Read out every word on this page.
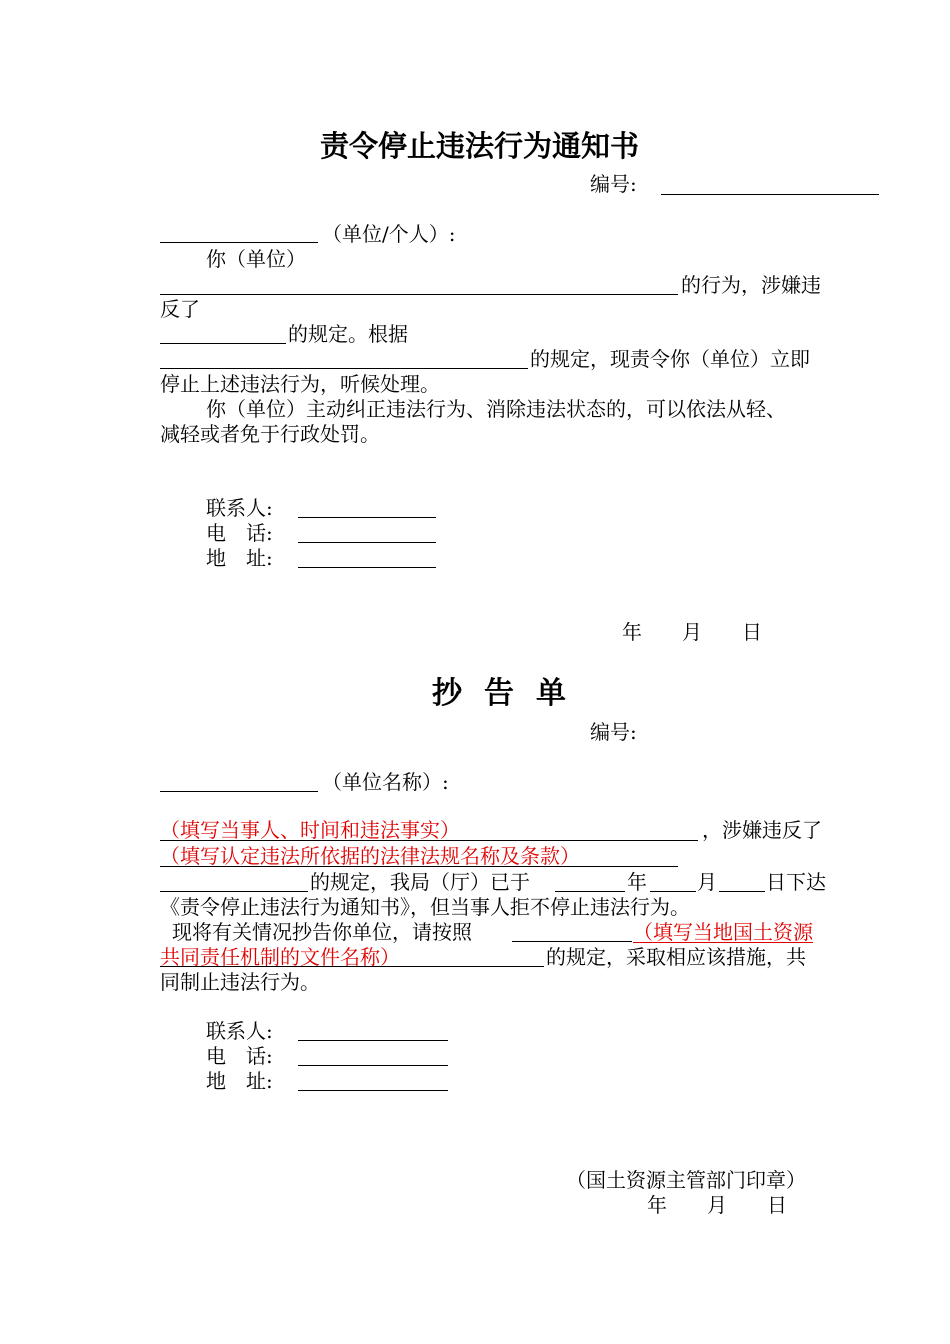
责令停止违法行为通知书
编号:
（单位/个人）:
你（单位）
的行为，涉嫌违
反了
的规定。根据
的规定，现责令你（单位）立即
停止上述违法行为，听候处理。
你（单位）主动纠正违法行为、消除违法状态的，可以依法从轻、
减轻或者免于行政处罚。
联系人:
电　话:
地　址:
年　　月　　日
抄告单
编号:
（单位名称）:
（填写当事人、时间和违法事实）	，涉嫌违反了
（填写认定违法所依据的法律法规名称及条款）
的规定，我局（厅）已于	年	月 日下达
《责令停止违法行为通知书》，但当事人拒不停止违法行为。
现将有关情况抄告你单位，请按照	（填写当地国土资源
共同责任机制的文件名称）	的规定，采取相应该措施，共
同制止违法行为。
联系人:
电　话:
地　址:
（国土资源主管部门印章）
年　　月　　日
